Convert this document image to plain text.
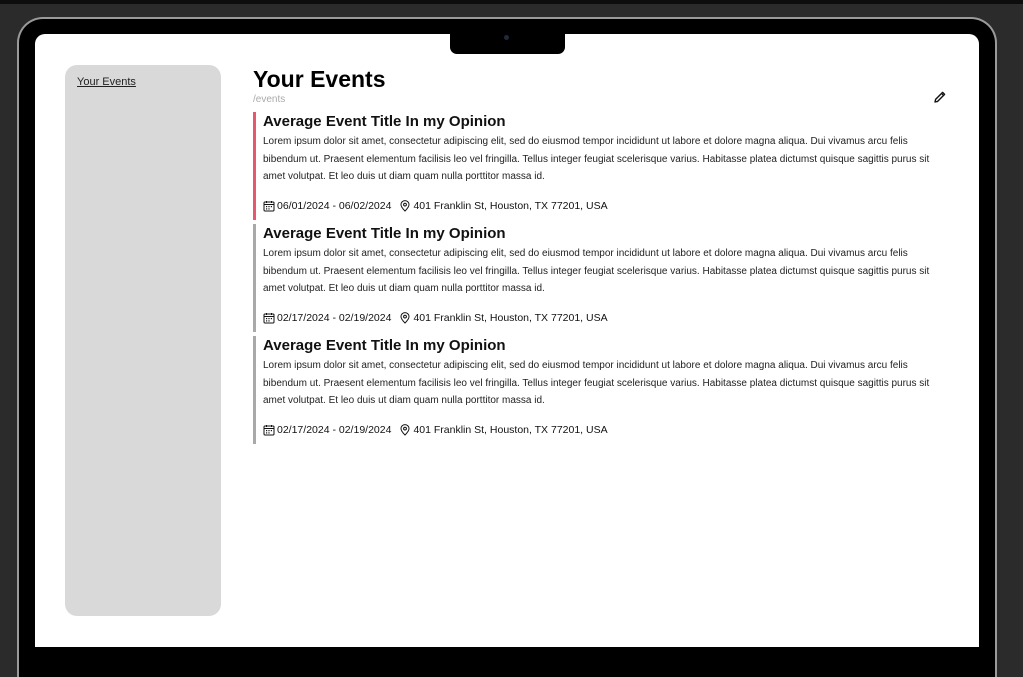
Your Events	Your Events
/events
Average Event Title In my Opinion
Lorem ipsum dolor sit amet, consectetur adipiscing elit, sed do eiusmod tempor incididunt ut labore et dolore magna aliqua. Dui vivamus arcu felis bibendum ut. Praesent elementum facilisis leo vel fringilla. Tellus integer feugiat scelerisque varius. Habitasse platea dictumst quisque sagittis purus sit amet volutpat. Et leo duis ut diam quam nulla porttitor massa id.
06/01/2024 - 06/02/2024 401 Franklin St, Houston, TX 77201, USA
Average Event Title In my Opinion
Lorem ipsum dolor sit amet, consectetur adipiscing elit, sed do eiusmod tempor incididunt ut labore et dolore magna aliqua. Dui vivamus arcu felis bibendum ut. Praesent elementum facilisis leo vel fringilla. Tellus integer feugiat scelerisque varius. Habitasse platea dictumst quisque sagittis purus sit amet volutpat. Et leo duis ut diam quam nulla porttitor massa id.
02/17/2024 - 02/19/2024 401 Franklin St, Houston, TX 77201, USA
Average Event Title In my Opinion
Lorem ipsum dolor sit amet, consectetur adipiscing elit, sed do eiusmod tempor incididunt ut labore et dolore magna aliqua. Dui vivamus arcu felis bibendum ut. Praesent elementum facilisis leo vel fringilla. Tellus integer feugiat scelerisque varius. Habitasse platea dictumst quisque sagittis purus sit amet volutpat. Et leo duis ut diam quam nulla porttitor massa id.
02/17/2024 - 02/19/2024 401 Franklin St, Houston, TX 77201, USA
